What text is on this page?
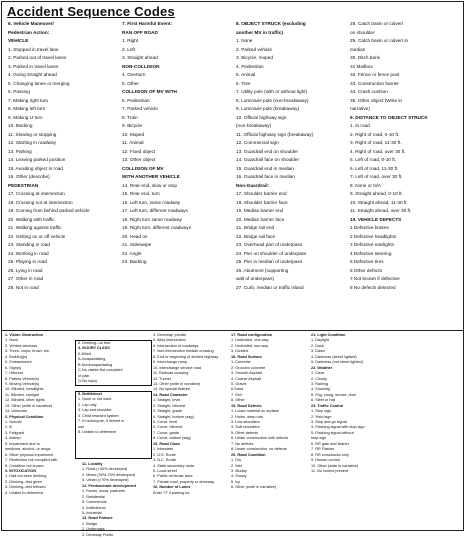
Accident Sequence Codes
6. Vehicle Maneuver/
Pedestrian Action:
VEHICLE
1. Stopped in travel lane
2. Parked out of travel lanes
3. Parked in travel lanes
4. Going straight ahead
5. Changing lanes or merging
6. Passing
7. Making right turn
8. Making left turn
9. Making U-turn
10. Backing
11. Slowing or stopping
12. Starting in roadway
13. Parking
14. Leaving parked position
15. Avoiding object in road
16. Other (describe)
PEDESTRIAN
17. Crossing at intersection
18. Crossing not at intersection
19. Coming from behind parked vehicle
20. Walking with traffic
21. Walking against traffic
22. Getting on or off vehicle
23. Standing in road
24. Working in road
25. Playing in road
26. Lying in road
27. Other in road
28. Not in road
7. First Harmful Event:
RAN OFF ROAD
1. Right
2. Left
3. Straight ahead
NON-COLLISION
4. Overturn
5. Other
COLLISION OF MV WITH
6. Pedestrian
7. Parked vehicle
8. Train
9. Bicycle
10. Moped
11. Animal
12. Fixed object
13. Other object
COLLISION OF MV
WITH ANOTHER VEHICLE
14. Rear-end, slow or stop
15. Rear end, turn
16. Left turn, same roadway
17. Left turn, different roadways
18. Right turn same roadway
19. Right turn, different roadways
20. Head on
21. Sideswipe
22. Angle
23. Backing
8. OBJECT STRUCK (excluding
another MV in traffic)
1. None
2. Parked vehicle
3. Bicycle, moped
4. Pedestrian
5. Animal
6. Tree
7. Utility pole (with or without light)
8. Luminaire pole (non-breakaway)
9. Luminaire pole (breakaway)
10. Official highway sign
(non-breakaway)
11. Official highway sign (breakaway)
12. Commercial sign
13. Guardrail end on shoulder
14. Guardrail face on shoulder
15. Guardrail end in median
16. Guardrail face in median
Non-Guardrail:
17. Shoulder barrier end
18. Shoulder barrier face
19. Median barrier end
20. Median barrier face
21. Bridge rail end
22. Bridge rail face
23. Overhead part of underpass
24. Pier on shoulder of underpass
25. Pier in median of underpass
26. Abutment (supporting
wall of underpass)
27. Curb, median or traffic island
28. Catch basin or culvert
on shoulder
29. Catch basin or culvert in
median
30. Ditch bank
31 Mailbox
32. Fence or fence post
33. Construction barrier
34. Crash cushion
35. Other object (Write in
narrative)
9. DISTANCE TO OBJECT STRUCK
1. In road
2. Right of road, 0-10 ft.
3. Right of road, 11-30 ft.
4. Right of road, over 30 ft.
5. Left of road, 0-10 ft.
6. Left of road, 11-30 ft.
7. Left of road, over 30 ft.
8. None or N/A
9. Straight ahead, 0-10 ft.
10. Straight ahead, 11-30 ft.
11. Straight ahead, over 30 ft.
10. VEHICLE DEFECTS
1 Defective brakes
2 Defective headlights
3 Defective rearlights
4 Defective steering
5 Defective tires
6 Other defects
7 Not known if defective
8 No defects detected
1. Vision Obstruction
1. None
2. Vehicle windows
3. Trees, crops, brush, etc.
4. Building(s)
5. Embankment
6. Sign(s)
7. Hillcrest
8. Parked Vehicle(s)
9. Moving Vehicle(s)
10. Blinded, headlights
11. Blinded, sunlight
12. Blinded, other lights
13. Other (write in narrative)
14. Unknown
2. Physical Condition
1. Normal
2. Ill
3. Fatigued
4. Asleep
5. Impairment due to
medicine, alcohol, or drugs
6. Other physical impairment
7. Restriction not complied with
8. Condition not known
3. INTOXICATION
1. Had not been drinking
2. Drinking--test given
3. Drinking--test refused
4. Unable to determine
6. Drinking--no test
4. INJURY CLASS
K-Killed
A-Incapacitating
B-Nonincapacitating
C-No visible But complaint
of pain
O-No injury
5. BeltHelmet
1. None or not used
2. Lap only
3. Lap and shoulder
4. Child restraint system
7. If motorcycle, if helmet in
use
8. Unable to determine
11. Locality
1. Rural (<30% developed)
2. Mixed (30%-70% developed)
3. Urban (>70% developed)
12. Predominant development
1. Farms, wood, pastures
2. Residential
3. Commercial
4. Institutional
5. Industrial
13. Road Feature
1. Bridge
2. Underpass
3. Driveway Public
4. Driveway, private
5. Alley intersection
6. Intersection of roadways
7. Non-intersection median crossing
8. End or beginning of divided highway
9. Interchange ramp
10. Interchange service road
11. Railroad crossing
12. Tunnel
13. Other (write in narrative)
14. No special feature
14. Road Character
1. Straight, level
2. Straight, hillcrest
3. Straight, grade
4. Straight, bottom (sag)
5. Curve, level
6. Curve, hillcrest
7. Curve, grade
8. Curve, bottom (sag)
15. Road Class
1. Interstate
2. U.S. Route
3. N.C. Route
4. State secondary route
5. Local street
6. Public vehicular area
7. Private road, property or driveway
16. Number of Lanes
Enter "0" if parking lot
17. Road configuration
1. Undivided, one-way
2. Undivided, two-way
3. Divided
18. Road Surface
1. Concrete
2. Grooved concrete
3. Smooth Asphalt
4. Coarse Asphalt
5. Gravel
6.Sand
7. Soil
8. Other
19. Road Defects
1. Loose material on surface
2. Holes, deep ruts
3. Low shoulders
4. Soft shoulders
5. Other defects
6. Under construction with defects
7. No defects
8. Under construction, no defects
20. Road Condition
1. Dry
2. Wet
3. Muddy
4. Snowy
5. Icy
6. Other (write in narrative)
21. Light Condition
1. Daylight
2. Dusk
3. Dawn
4. Darkness (street lighted)
5. Darkness (not street lighted)
22. Weather
1. Clear
2. Cloudy
3. Raining
4. Snowing
5. Fog, smog, smoke, dust
6. Sleet or hail
23. Traffic Control
1. Stop sign
2. Yield sign
3. Stop and go signal
4. Flashing signal with stop sign
5. Flashing signal without
stop sign
6. RR gate and flasher
7. RR Flasher
8. RR crossbucks only
9. Human control
10. Other (write in narrative)
11. No control present
